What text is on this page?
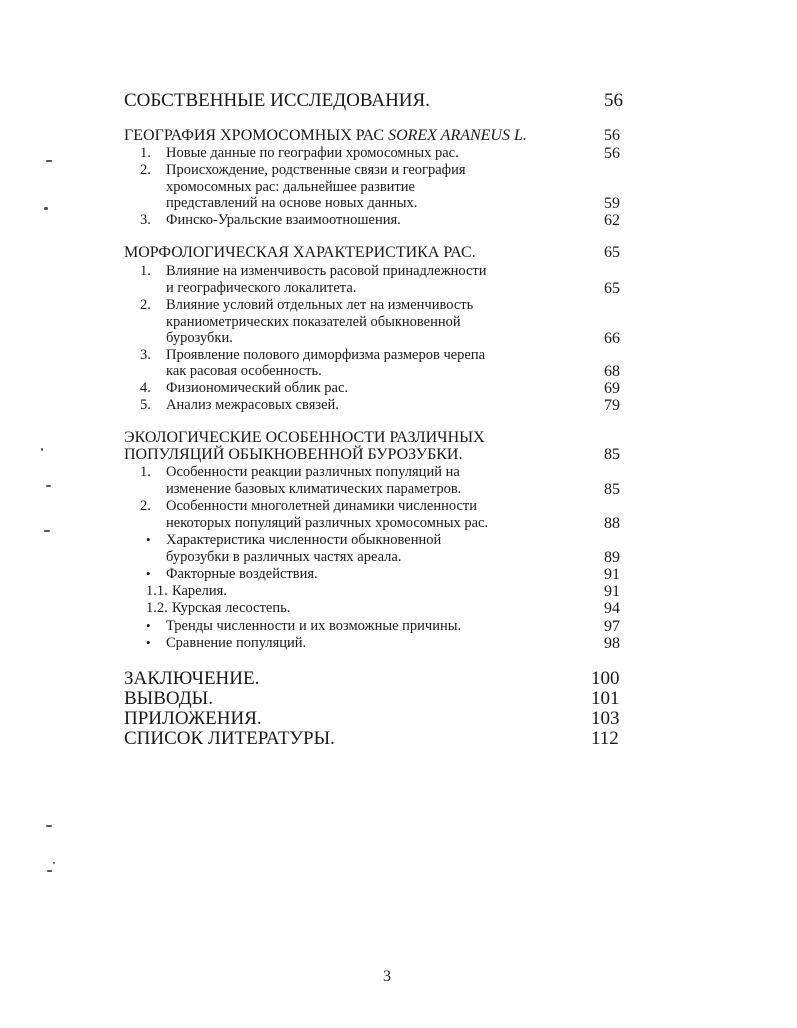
СОБСТВЕННЫЕ ИССЛЕДОВАНИЯ.	56
ГЕОГРАФИЯ ХРОМОСОМНЫХ РАС SOREX ARANEUS L.	56
1. Новые данные по географии хромосомных рас.	56
2. Происхождение, родственные связи и география
хромосомных рас: дальнейшее развитие
представлений на основе новых данных.	59
3. Финско-Уральские взаимоотношения.	62
МОРФОЛОГИЧЕСКАЯ ХАРАКТЕРИСТИКА РАС.	65
1. Влияние на изменчивость расовой принадлежности
и географического локалитета.	65
2. Влияние условий отдельных лет на изменчивость
краниометрических показателей обыкновенной
бурозубки.	66
3. Проявление полового диморфизма размеров черепа
как расовая особенность.	68
4. Физиономический облик рас.	69
5. Анализ межрасовых связей.	79
ЭКОЛОГИЧЕСКИЕ ОСОБЕННОСТИ РАЗЛИЧНЫХ
ПОПУЛЯЦИЙ ОБЫКНОВЕННОЙ БУРОЗУБКИ.	85
1. Особенности реакции различных популяций на
изменение базовых климатических параметров.	85
2. Особенности многолетней динамики численности
некоторых популяций различных хромосомных рас.	88
• Характеристика численности обыкновенной
бурозубки в различных частях ареала.	89
• Факторные воздействия.	91
1.1. Карелия.	91
1.2. Курская лесостепь.	94
• Тренды численности и их возможные причины.	97
• Сравнение популяций.	98
ЗАКЛЮЧЕНИЕ.	100
ВЫВОДЫ.	101
ПРИЛОЖЕНИЯ.	103
СПИСОК ЛИТЕРАТУРЫ.	112
3
